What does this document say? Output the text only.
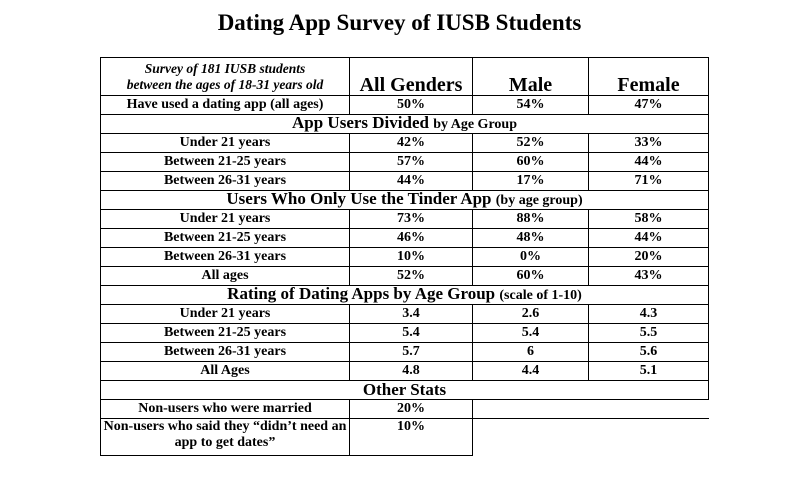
Dating App Survey of IUSB Students
Survey of 181 IUSB students
between the ages of 18-31 years old	All Genders	Male	Female
Have used a dating app (all ages)	50%	54%	47%
App Users Divided by Age Group			
Under 21 years	42%	52%	33%
Between 21-25 years	57%	60%	44%
Between 26-31 years	44%	17%	71%
Users Who Only Use the Tinder App (by age group)			
Under 21 years	73%	88%	58%
Between 21-25 years	46%	48%	44%
Between 26-31 years	10%	0%	20%
All ages	52%	60%	43%
Rating of Dating Apps by Age Group (scale of 1-10)			
Under 21 years	3.4	2.6	4.3
Between 21-25 years	5.4	5.4	5.5
Between 26-31 years	5.7	6	5.6
All Ages	4.8	4.4	5.1
Other Stats			
Non-users who were married	20%		
Non-users who said they “didn’t need an app to get dates”	10%		
